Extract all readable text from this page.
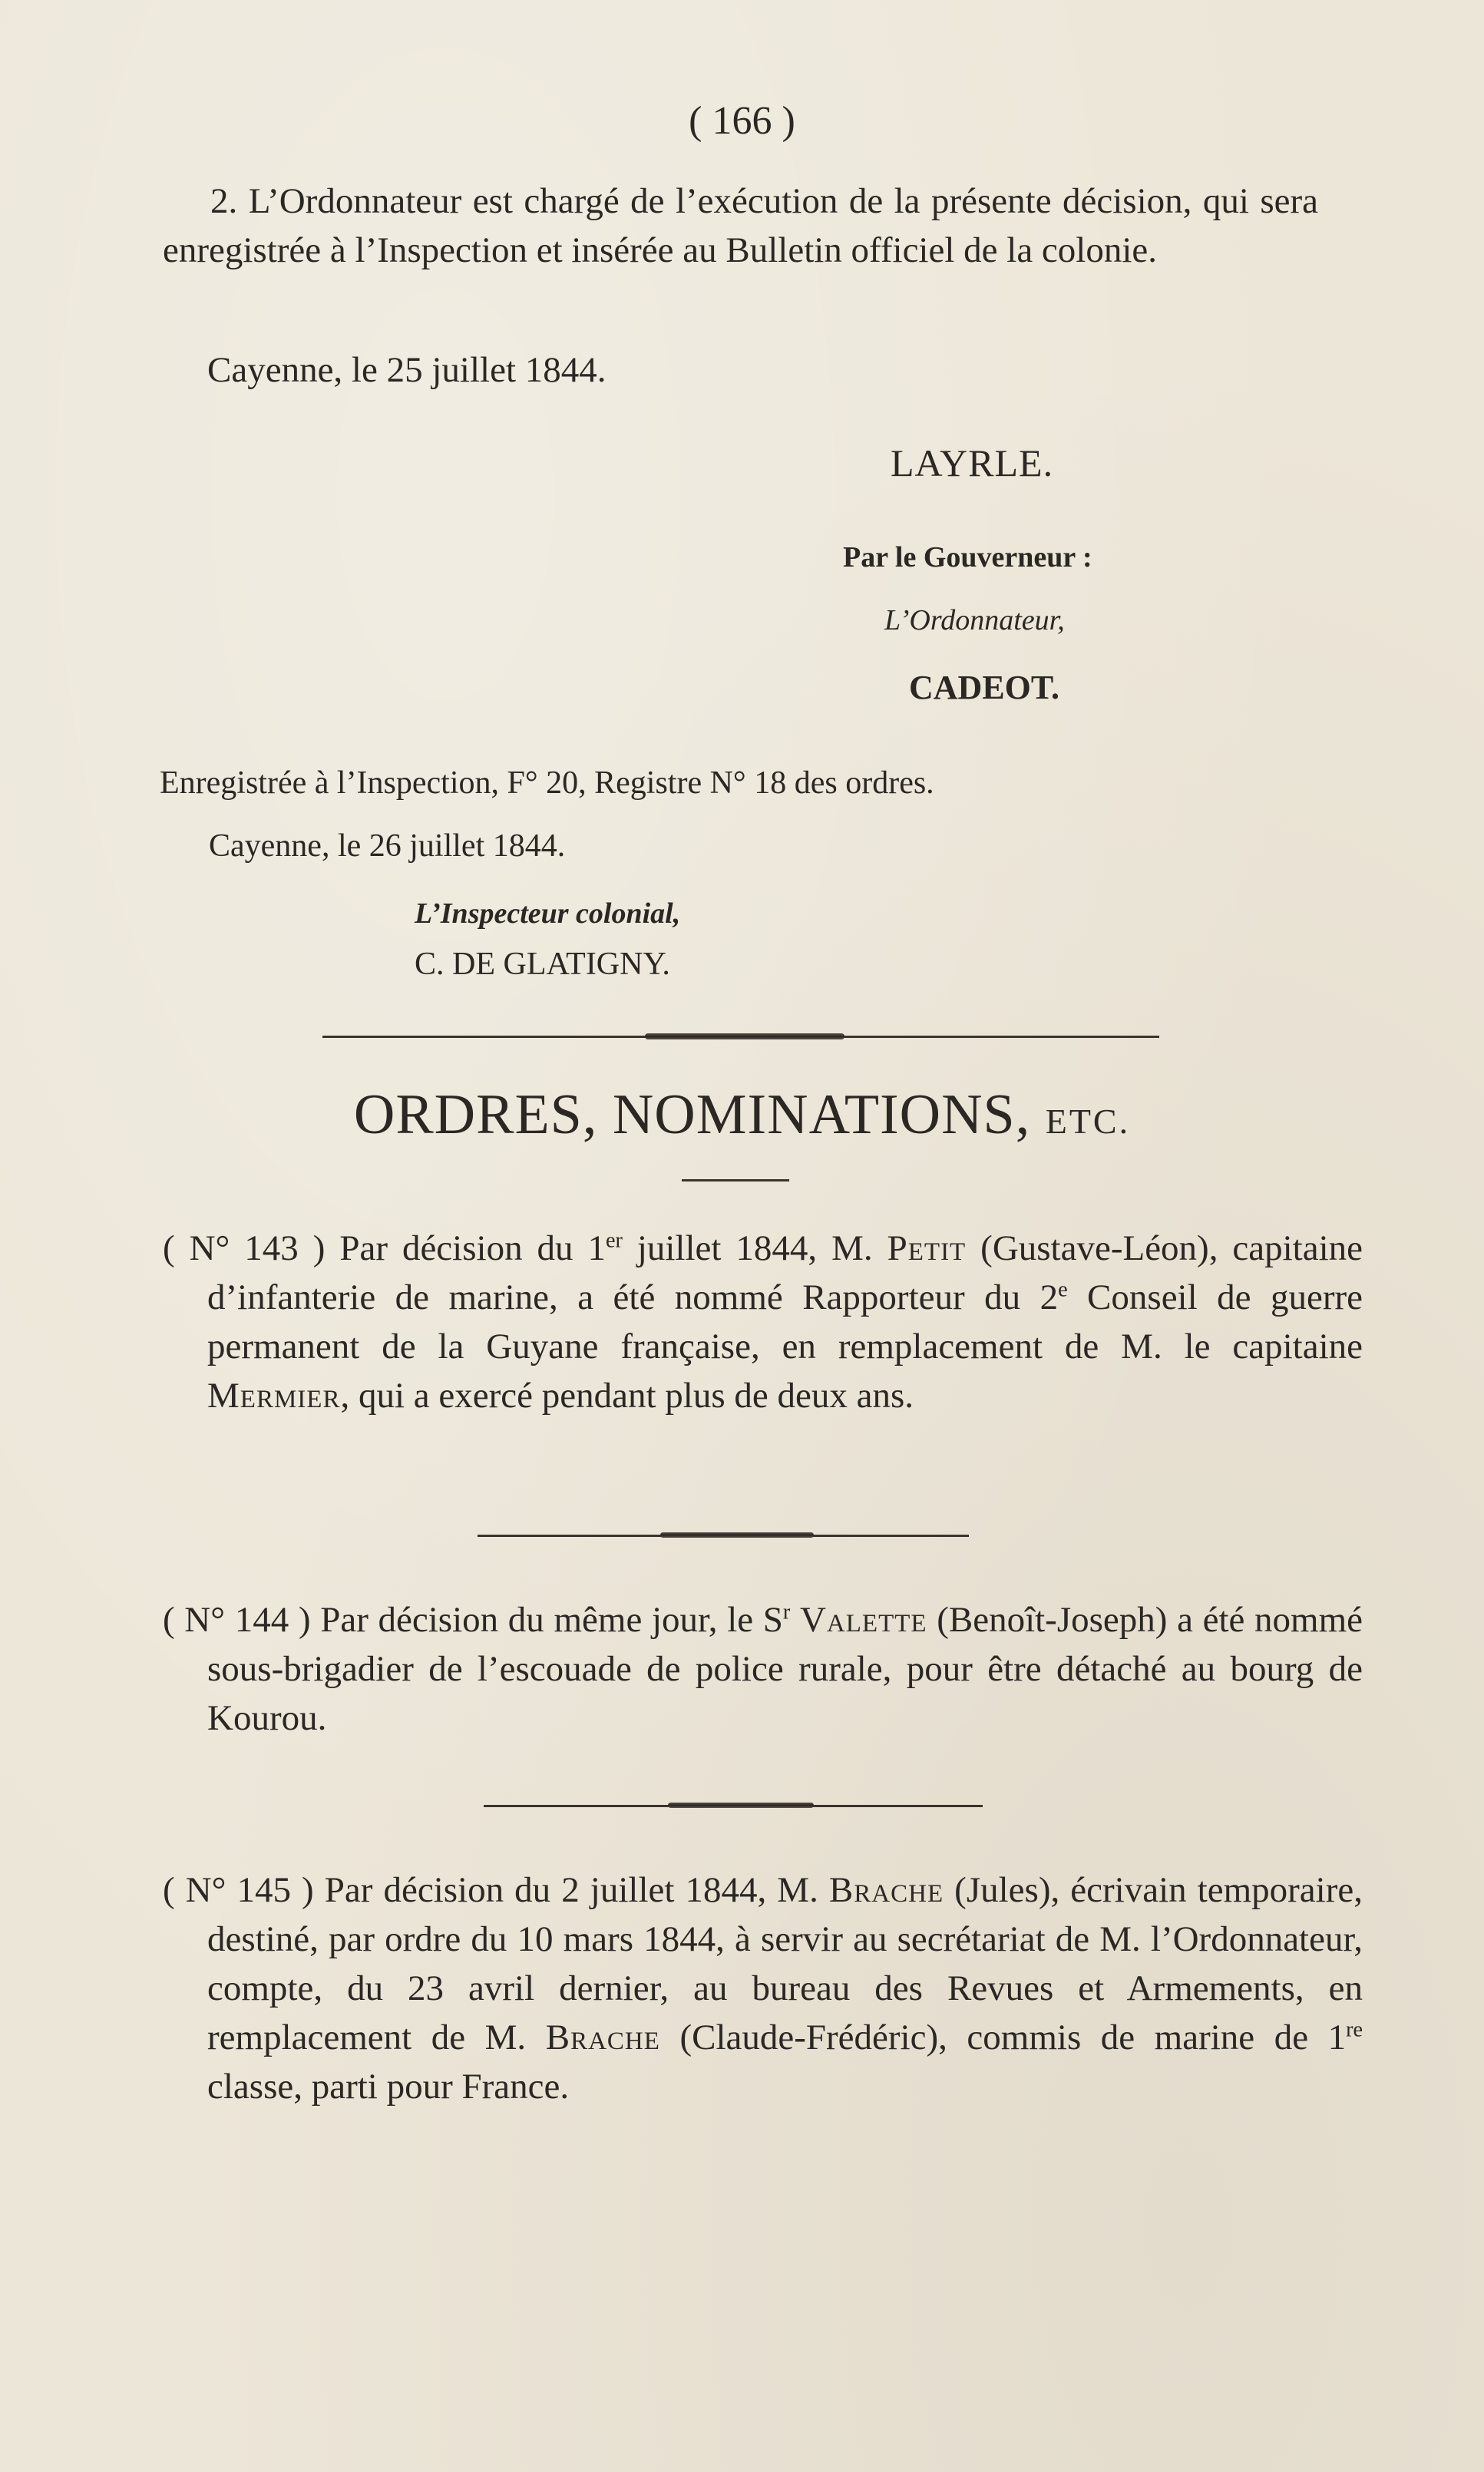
( 166 )

2. L’Ordonnateur est chargé de l’exécution de la présente décision, qui sera enregistrée à l’Inspection et insérée au Bulletin officiel de la colonie.

Cayenne, le 25 juillet 1844.
LAYRLE.
Par le Gouverneur :
L’Ordonnateur,
CADEOT.
Enregistrée à l’Inspection, F° 20, Registre N° 18 des ordres.
Cayenne, le 26 juillet 1844.
L’Inspecteur colonial,
C. DE GLATIGNY.
ORDRES, NOMINATIONS, ETC.

( N° 143 ) Par décision du 1er juillet 1844, M. Petit (Gustave-Léon), capitaine d’infanterie de marine, a été nommé Rapporteur du 2e Conseil de guerre permanent de la Guyane française, en remplacement de M. le capitaine Mermier, qui a exercé pendant plus de deux ans.

( N° 144 ) Par décision du même jour, le $S^r$ Valette (Benoît-Joseph) a été nommé sous-brigadier de l’escouade de police rurale, pour être détaché au bourg de Kourou.

( N° 145 ) Par décision du 2 juillet 1844, M. Brache (Jules), écrivain temporaire, destiné, par ordre du 10 mars 1844, à servir au secrétariat de M. l’Ordonnateur, compte, du 23 avril dernier, au bureau des Revues et Armements, en remplacement de M. Brache (Claude-Frédéric), commis de marine de 1re classe, parti pour France.
